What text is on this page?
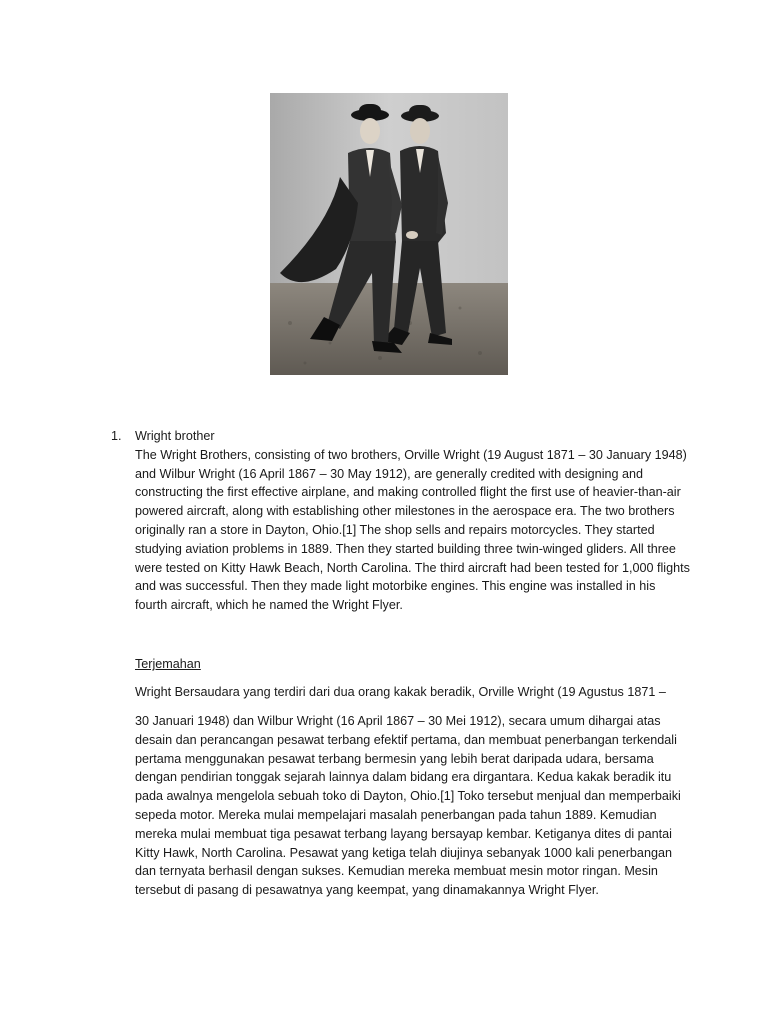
1.	Wright brother
The Wright Brothers, consisting of two brothers, Orville Wright (19 August 1871 – 30 January 1948) and Wilbur Wright (16 April 1867 – 30 May 1912), are generally credited with designing and constructing the first effective airplane, and making controlled flight the first use of heavier-than-air powered aircraft, along with establishing other milestones in the aerospace era. The two brothers originally ran a store in Dayton, Ohio.[1] The shop sells and repairs motorcycles. They started studying aviation problems in 1889. Then they started building three twin-winged gliders. All three were tested on Kitty Hawk Beach, North Carolina. The third aircraft had been tested for 1,000 flights and was successful. Then they made light motorbike engines. This engine was installed in his fourth aircraft, which he named the Wright Flyer.
Terjemahan
Wright Bersaudara yang terdiri dari dua orang kakak beradik, Orville Wright (19 Agustus 1871 –
30 Januari 1948) dan Wilbur Wright (16 April 1867 – 30 Mei 1912), secara umum dihargai atas desain dan perancangan pesawat terbang efektif pertama, dan membuat penerbangan terkendali pertama menggunakan pesawat terbang bermesin yang lebih berat daripada udara, bersama dengan pendirian tonggak sejarah lainnya dalam bidang era dirgantara. Kedua kakak beradik itu pada awalnya mengelola sebuah toko di Dayton, Ohio.[1] Toko tersebut menjual dan memperbaiki sepeda motor. Mereka mulai mempelajari masalah penerbangan pada tahun 1889. Kemudian mereka mulai membuat tiga pesawat terbang layang bersayap kembar. Ketiganya dites di pantai Kitty Hawk, North Carolina. Pesawat yang ketiga telah diujinya sebanyak 1000 kali penerbangan dan ternyata berhasil dengan sukses. Kemudian mereka membuat mesin motor ringan. Mesin tersebut di pasang di pesawatnya yang keempat, yang dinamakannya Wright Flyer.
